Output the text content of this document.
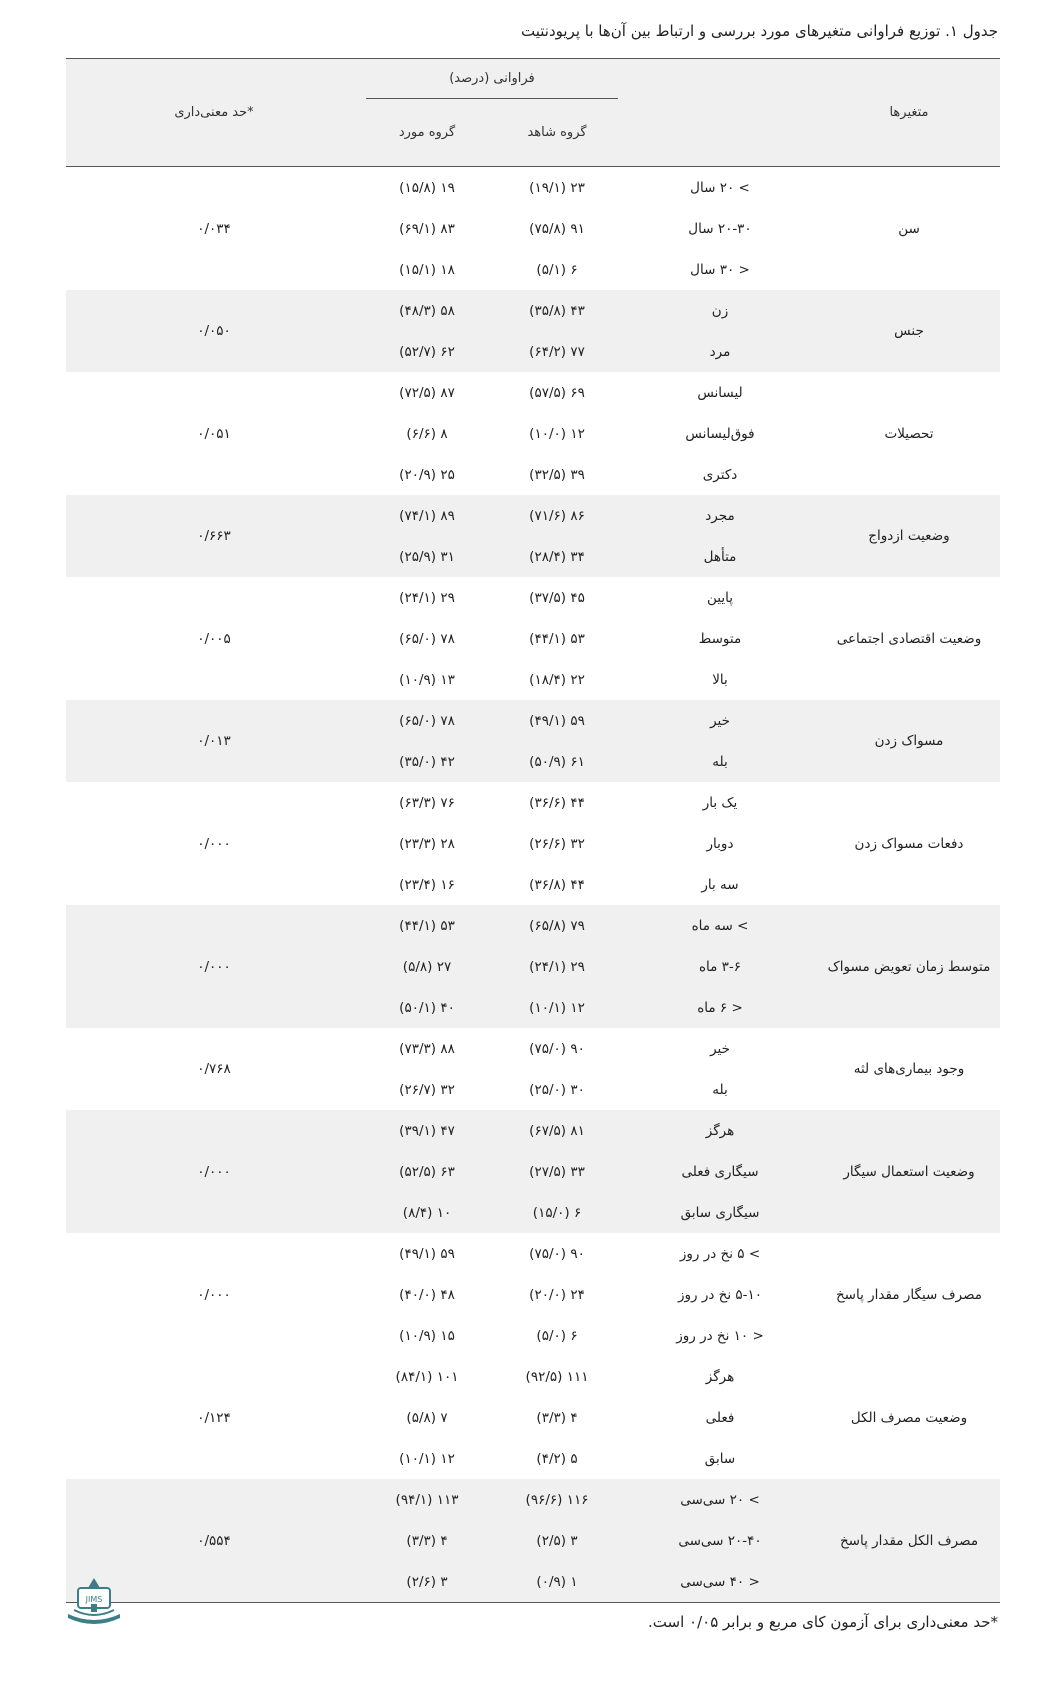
جدول ۱. توزیع فراوانی متغیرهای مورد بررسی و ارتباط بین آن‌ها با پریودنتیت
متغیرها		فراوانی (درصد)		*حد معنی‌داری
		گروه شاهد	گروه مورد	
سن	> ۲۰ سال	۲۳ (۱۹/۱)	۱۹ (۱۵/۸)	۰/۰۳۴
	۲۰-۳۰ سال	۹۱ (۷۵/۸)	۸۳ (۶۹/۱)	
	< ۳۰ سال	۶ (۵/۱)	۱۸ (۱۵/۱)	
جنس	زن	۴۳ (۳۵/۸)	۵۸ (۴۸/۳)	۰/۰۵۰
	مرد	۷۷ (۶۴/۲)	۶۲ (۵۲/۷)	
تحصیلات	لیسانس	۶۹ (۵۷/۵)	۸۷ (۷۲/۵)	۰/۰۵۱
	فوق‌لیسانس	۱۲ (۱۰/۰)	۸ (۶/۶)	
	دکتری	۳۹ (۳۲/۵)	۲۵ (۲۰/۹)	
وضعیت ازدواج	مجرد	۸۶ (۷۱/۶)	۸۹ (۷۴/۱)	۰/۶۶۳
	متأهل	۳۴ (۲۸/۴)	۳۱ (۲۵/۹)	
وضعیت اقتصادی اجتماعی	پایین	۴۵ (۳۷/۵)	۲۹ (۲۴/۱)	۰/۰۰۵
	متوسط	۵۳ (۴۴/۱)	۷۸ (۶۵/۰)	
	بالا	۲۲ (۱۸/۴)	۱۳ (۱۰/۹)	
مسواک زدن	خیر	۵۹ (۴۹/۱)	۷۸ (۶۵/۰)	۰/۰۱۳
	بله	۶۱ (۵۰/۹)	۴۲ (۳۵/۰)	
دفعات مسواک زدن	یک بار	۴۴ (۳۶/۶)	۷۶ (۶۳/۳)	۰/۰۰۰
	دوبار	۳۲ (۲۶/۶)	۲۸ (۲۳/۳)	
	سه بار	۴۴ (۳۶/۸)	۱۶ (۲۳/۴)	
متوسط زمان تعویض مسواک	> سه ماه	۷۹ (۶۵/۸)	۵۳ (۴۴/۱)	۰/۰۰۰
	۳-۶ ماه	۲۹ (۲۴/۱)	۲۷ (۵/۸)	
	< ۶ ماه	۱۲ (۱۰/۱)	۴۰ (۵۰/۱)	
وجود بیماری‌های لثه	خیر	۹۰ (۷۵/۰)	۸۸ (۷۳/۳)	۰/۷۶۸
	بله	۳۰ (۲۵/۰)	۳۲ (۲۶/۷)	
وضعیت استعمال سیگار	هرگز	۸۱ (۶۷/۵)	۴۷ (۳۹/۱)	۰/۰۰۰
	سیگاری فعلی	۳۳ (۲۷/۵)	۶۳ (۵۲/۵)	
	سیگاری سابق	۶ (۱۵/۰)	۱۰ (۸/۴)	
مصرف سیگار مقدار پاسخ	> ۵ نخ در روز	۹۰ (۷۵/۰)	۵۹ (۴۹/۱)	۰/۰۰۰
	۵-۱۰ نخ در روز	۲۴ (۲۰/۰)	۴۸ (۴۰/۰)	
	< ۱۰ نخ در روز	۶ (۵/۰)	۱۵ (۱۰/۹)	
وضعیت مصرف الکل	هرگز	۱۱۱ (۹۲/۵)	۱۰۱ (۸۴/۱)	۰/۱۲۴
	فعلی	۴ (۳/۳)	۷ (۵/۸)	
	سابق	۵ (۴/۲)	۱۲ (۱۰/۱)	
مصرف الکل مقدار پاسخ	> ۲۰ سی‌سی	۱۱۶ (۹۶/۶)	۱۱۳ (۹۴/۱)	۰/۵۵۴
	۲۰-۴۰ سی‌سی	۳ (۲/۵)	۴ (۳/۳)	
	< ۴۰ سی‌سی	۱ (۰/۹)	۳ (۲/۶)	
*حد معنی‌داری برای آزمون کای مربع و برابر ۰/۰۵ است.
JIMS
